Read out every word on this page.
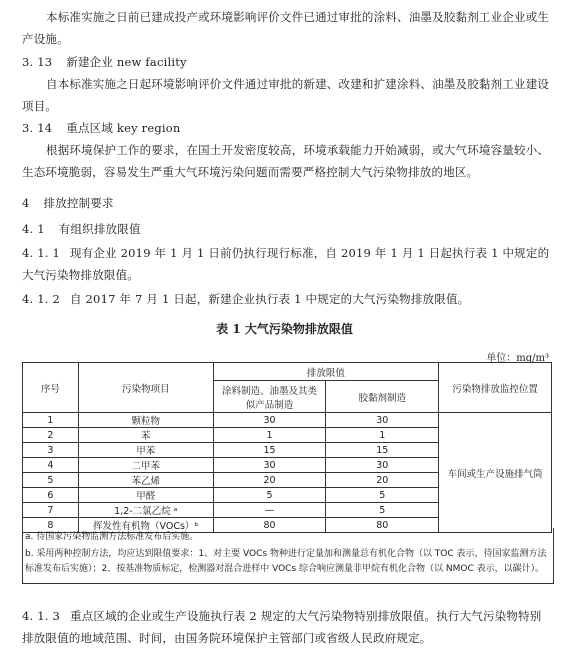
本标准实施之日前已建成投产或环境影响评价文件已通过审批的涂料、油墨及胶黏剂工业企业或生产设施。
3. 13 新建企业 new facility
自本标准实施之日起环境影响评价文件通过审批的新建、改建和扩建涂料、油墨及胶黏剂工业建设项目。
3. 14 重点区域 key region
根据环境保护工作的要求，在国土开发密度较高，环境承载能力开始减弱，或大气环境容量较小、生态环境脆弱，容易发生严重大气环境污染问题而需要严格控制大气污染物排放的地区。
4 排放控制要求
4. 1 有组织排放限值
4. 1. 1 现有企业 2019 年 1 月 1 日前仍执行现行标准，自 2019 年 1 月 1 日起执行表 1 中规定的大气污染物排放限值。
4. 1. 2 自 2017 年 7 月 1 日起，新建企业执行表 1 中规定的大气污染物排放限值。
表 1 大气污染物排放限值
单位：mg/m³
序号	污染物项目	排放限值		污染物排放监控位置
		涂料制造、油墨及其类似产品制造	胶黏剂制造	
1	颗粒物	30	30	车间或生产设施排气筒
2	苯	1	1	
3	甲苯	15	15	
4	二甲苯	30	30	
5	苯乙烯	20	20	
6	甲醛	5	5	
7	1,2-二氯乙烷 ᵃ	—	5	
8	挥发性有机物（VOCs）ᵇ	80	80	
a. 待国家污染物监测方法标准发布后实施。
b. 采用两种控制方法，均应达到限值要求：1、对主要 VOCs 物种进行定量加和测量总有机化合物（以 TOC 表示，待国家监测方法标准发布后实施）；2、按基准物质标定，检测器对混合进样中 VOCs 综合响应测量非甲烷有机化合物（以 NMOC 表示，以碳计）。
4. 1. 3 重点区域的企业或生产设施执行表 2 规定的大气污染物特别排放限值。执行大气污染物特别排放限值的地域范围、时间，由国务院环境保护主管部门或省级人民政府规定。
